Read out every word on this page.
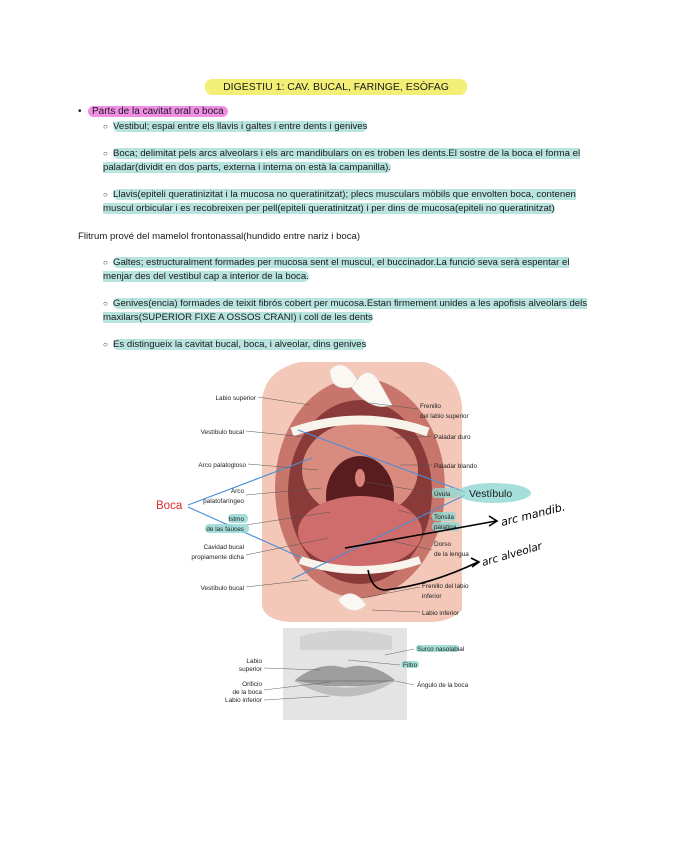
DIGESTIU 1: CAV. BUCAL, FARINGE, ESÒFAG
• Parts de la cavitat oral o boca
○ Vestibul; espai entre els llavis i galtes i entre dents i genives
○ Boca; delimitat pels arcs alveolars i els arc mandibulars on es troben les dents.El sostre de la boca el forma el paladar(dividit en dos parts, externa i interna on està la campanilla).
○ Llavis(epiteli queratinizitat i la mucosa no queratinitzat); plecs musculars mòbils que envolten boca, contenen muscul orbicular i es recobreixen per pell(epiteli queratinitzat) i per dins de mucosa(epiteli no queratinitzat)
Flitrum prové del mamelol frontonassal(hundido entre nariz i boca)
○ Galtes; estructuralment formades per mucosa sent el muscul, el buccinador.La funció seva serà espentar el menjar des del vestibul cap a interior de la boca.
○ Genives(encia) formades de teixit fibrós cobert per mucosa.Estan firmement unides a les apofisis alveolars dels maxilars(SUPERIOR FIXE A OSSOS CRANI) i coll de les dents
○ Es distingueix la cavitat bucal, boca, i alveolar, dins genives
Labio superior
Vestíbulo bucal
Arco palatogloso
Arco
palatofaríngeo
Istmo
de las fauces
Cavidad bucal
propiamente dicha
Vestíbulo bucal
Frenillo
del labio superior
Paladar duro
Paladar blando
Úvula
Tonsila
palatina
Dorso
de la lengua
Frenillo del labio
inferior
Labio inferior
Boca
Vestíbulo
arc mandib.
arc alveolar
Surco nasolabial
Filtro
Ángulo de la boca
Labio
superior
Orificio
de la boca
Labio inferior
